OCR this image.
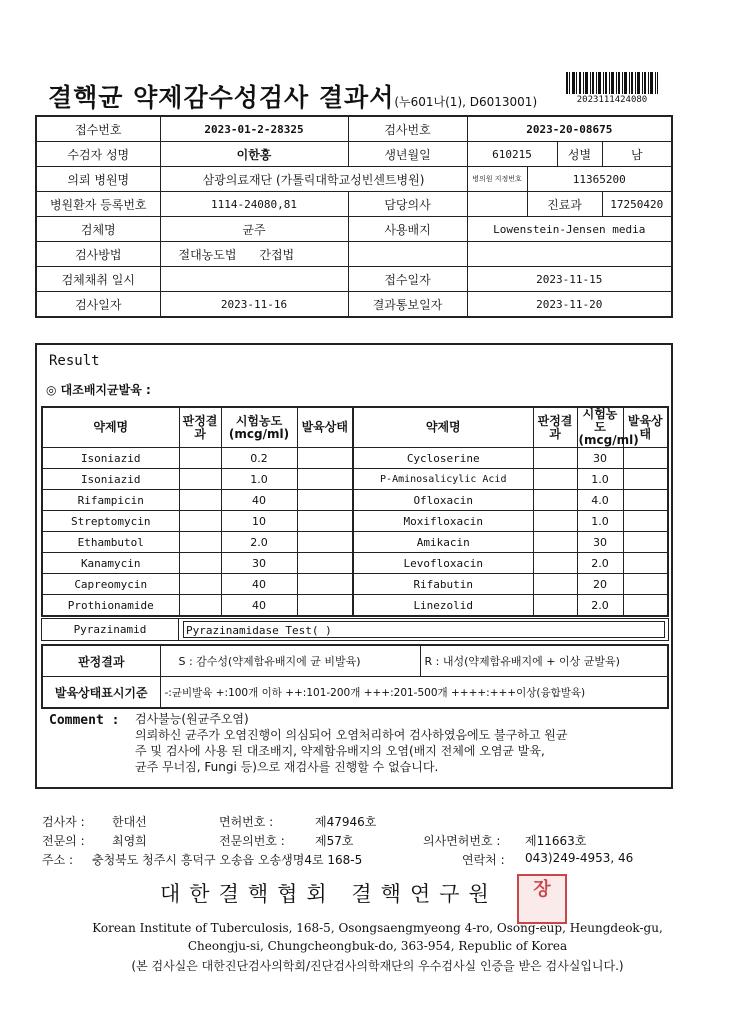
결핵균 약제감수성검사 결과서(누601나(1), D6013001)	2023111424080
접수번호	2023-01-2-28325	검사번호	2023-20-08675			
수검자 성명	이한홍	생년월일	610215		성별	남
의뢰 병원명	삼광의료재단 (가톨릭대학교성빈센트병원)		병의원 지정번호	11365200		
병원환자 등록번호	1114-24080,81	담당의사		진료과		17250420
검체명	균주	사용배지	Lowenstein-Jensen media			
검사방법	절대농도법 간접법					
검체채취 일시		접수일자	2023-11-15			
검사일자	2023-11-16	결과통보일자	2023-11-20			
Result
◎ 대조배지균발육 :
약제명	판정결과	시험농도 (mcg/ml)	발육상태	약제명	판정결과	시험농도 (mcg/ml)	발육상태
Isoniazid		0.2		Cycloserine		30	
Isoniazid		1.0		P-Aminosalicylic Acid		1.0	
Rifampicin		40		Ofloxacin		4.0	
Streptomycin		10		Moxifloxacin		1.0	
Ethambutol		2.0		Amikacin		30	
Kanamycin		30		Levofloxacin		2.0	
Capreomycin		40		Rifabutin		20	
Prothionamide		40		Linezolid		2.0	
Pyrazinamid	Pyrazinamidase Test( )
판정결과	S : 감수성(약제함유배지에 균 비발육)	R : 내성(약제함유배지에 + 이상 균발육)
발육상태표시기준	-:균비발육 +:100개 이하 ++:101-200개 +++:201-500개 ++++:+++이상(융합발육)	
Comment : 검사불능(원균주오염)
의뢰하신 균주가 오염진행이 의심되어 오염처리하여 검사하였음에도 불구하고 원균
주 및 검사에 사용 된 대조배지, 약제함유배지의 오염(배지 전체에 오염균 발육,
균주 무너짐, Fungi 등)으로 재검사를 진행할 수 없습니다.
검사자 : 한대선	면허번호 :	제47946호
전문의 : 최영희	전문의번호 :	제57호	의사면허번호 : 제11663호
주소 : 충청북도 청주시 흥덕구 오송읍 오송생명4로 168-5	연락처 : 043)249-4953, 46
대한결핵협회 결핵연구원	장
Korean Institute of Tuberculosis, 168-5, Osongsaengmyeong 4-ro, Osong-eup, Heungdeok-gu,
Cheongju-si, Chungcheongbuk-do, 363-954, Republic of Korea
(본 검사실은 대한진단검사의학회/진단검사의학재단의 우수검사실 인증을 받은 검사실입니다.)
